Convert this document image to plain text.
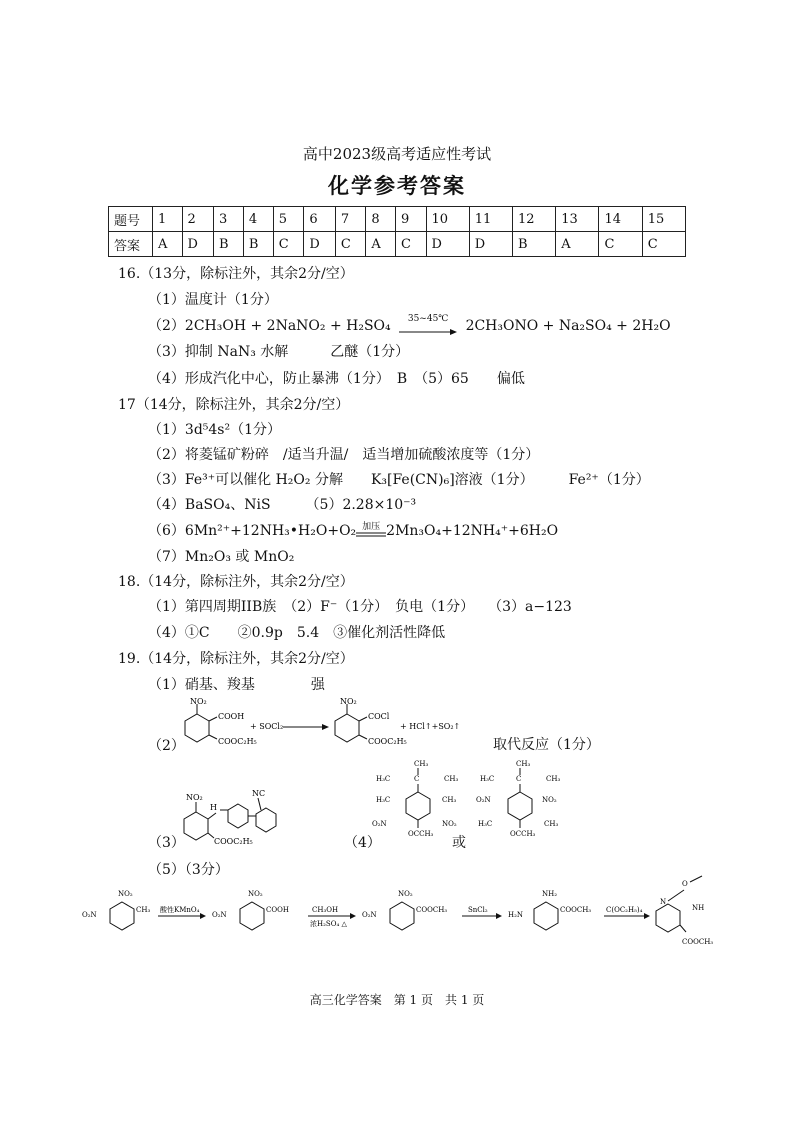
高中2023级高考适应性考试
化学参考答案
题号	1	2	3	4	5	6	7	8	9	10	11	12	13	14	15
答案	A	D	B	B	C	D	C	A	C	D	D	B	A	C	C
16.（13分，除标注外，其余2分/空）
（1）温度计（1分）
（2）2CH₃OH + 2NaNO₂ + H₂SO₄	35~45℃	2CH₃ONO + Na₂SO₄ + 2H₂O
（3）抑制 NaN₃ 水解　　　乙醚（1分）
（4）形成汽化中心，防止暴沸（1分）　B　（5）65　　偏低
17（14分，除标注外，其余2分/空）
（1）3d⁵4s²（1分）
（2）将菱锰矿粉碎　/适当升温/　适当增加硫酸浓度等（1分）
（3）Fe³⁺可以催化 H₂O₂ 分解　　K₃[Fe(CN)₆]溶液（1分）　　　Fe²⁺（1分）
（4）BaSO₄、NiS　　　（5）2.28×10⁻³
（6）6Mn²⁺+12NH₃•H₂O+O₂ 加压 2Mn₃O₄+12NH₄⁺+6H₂O
（7）Mn₂O₃ 或 MnO₂
18.（14分，除标注外，其余2分/空）
（1）第四周期IIB族　（2）F⁻（1分）　负电（1分）　　（3）a−123
（4）①C　　②0.9p　5.4　③催化剂活性降低
19.（14分，除标注外，其余2分/空）
（1）硝基、羧基　　　　强
（2）	取代反应（1分）
NO₂
COOH
COOC₂H₅
+ SOCl₂
NO₂
COCl
COOC₂H₅
+ HCl↑+SO₂↑
NO₂
H
NC
COOC₂H₅
（3）	（4）
CH₃
H₃C	C	CH₃
H₃C	CH₃
O₂N	NO₂
OCCH₃
或
CH₃
H₃C	C	CH₃
O₂N	NO₂
H₃C	CH₃
OCCH₃
（5）（3分）
O₂N
NO₂
CH₃ 酸性KMnO₄
O₂N
NO₂
COOH	CH₃OH
浓H₂SO₄ △
O₂N
NO₂
COOCH₃	SnCl₂
H₂N
NH₂
COOCH₃ C(OC₂H₅)₄
N
NH
O
COOCH₃
高三化学答案　第 1 页　共 1 页
